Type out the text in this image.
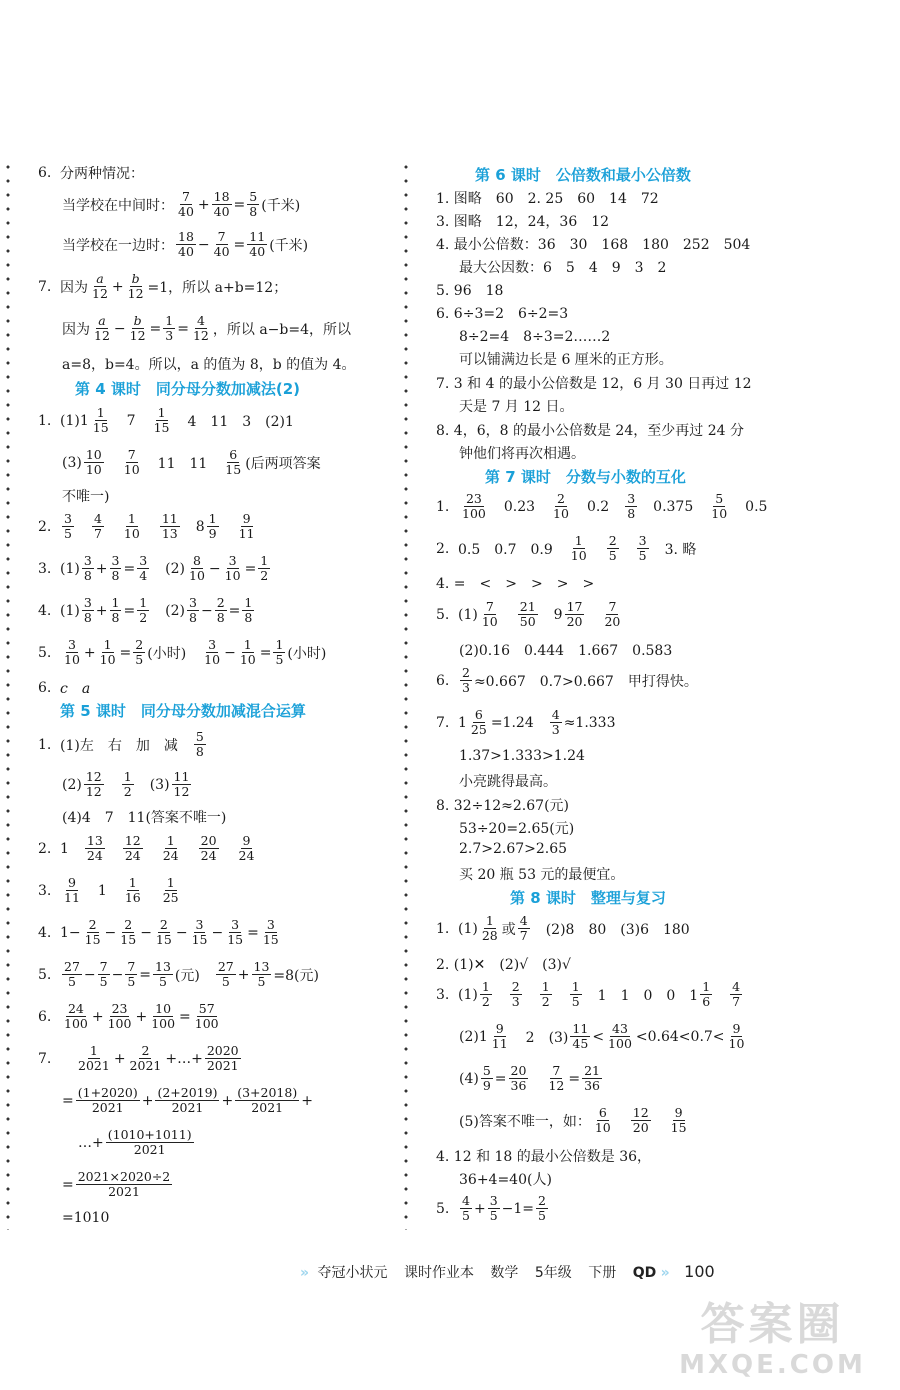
6. 分两种情况：
当学校在中间时： $\frac{7}{40} + \frac{18}{40} = \frac{5}{8}$ (千米)
当学校在一边时： $\frac{18}{40} - \frac{7}{40} = \frac{11}{40}$ (千米)
7. 因为 $\frac{a}{12} + \frac{b}{12} =1$，所以 a+b=12；
因为 $\frac{a}{12} - \frac{b}{12} = \frac{1}{3} = \frac{4}{12}$ ，所以 a−b=4，所以
a=8，b=4。所以，a 的值为 8，b 的值为 4。
第 4 课时　同分母分数加减法(2)
1. (1) $1 \frac{1}{15} 7 \frac{1}{15} 4$　11　3　(2)1
$(3) \frac{10}{10} \frac{7}{10} 11$　$11 \frac{6}{15}$ (后两项答案
不唯一)
2. $\frac{3}{5} \frac{4}{7} \frac{1}{10} \frac{11}{13} 8 \frac{1}{9} \frac{9}{11}$
3. $(1) \frac{3}{8} + \frac{3}{8} = \frac{3}{4} (2) \frac{8}{10} - \frac{3}{10} = \frac{1}{2}$
4. $(1) \frac{3}{8} + \frac{1}{8} = \frac{1}{2} (2) \frac{3}{8} - \frac{2}{8} = \frac{1}{8}$
5. $\frac{3}{10} + \frac{1}{10} = \frac{2}{5}$ (小时) $\frac{3}{10} - \frac{1}{10} = \frac{1}{5}$ (小时)
6. c　a
第 5 课时　同分母分数加减混合运算
1. (1)左　右　加　减 $\frac{5}{8}$
$(2) \frac{12}{12} \frac{1}{2} (3) \frac{11}{12}$
(4)4　7　11(答案不唯一)
2. $1 \frac{13}{24} \frac{12}{24} \frac{1}{24} \frac{20}{24} \frac{9}{24}$
3. $\frac{9}{11} 1 \frac{1}{16} \frac{1}{25}$
4. $1- \frac{2}{15} - \frac{2}{15} - \frac{2}{15} - \frac{3}{15} - \frac{3}{15} = \frac{3}{15}$
5. $\frac{27}{5} - \frac{7}{5} - \frac{7}{5} = \frac{13}{5}$ (元) $\frac{27}{5} + \frac{13}{5} =8$(元)
6. $\frac{24}{100} + \frac{23}{100} + \frac{10}{100} = \frac{57}{100}$
7.	$\frac{1}{2021} + \frac{2}{2021}$ +…+ $\frac{2020}{2021}$
= $\frac{(1+2020)}{2021} + \frac{(2+2019)}{2021} + \frac{(3+2018)}{2021}$ +
…+ $\frac{(1010+1011)}{2021}$
= $\frac{2021\times 2020\div 2}{2021}$
=1010
第 6 课时　公倍数和最小公倍数
1. 图略　60　2. 25　60　14　72
3. 图略　12，24，36　12
4. 最小公倍数：36　30　168　180　252　504
最大公因数：6　5　4　9　3　2
5. 96　18
6. 6÷3=2　6÷2=3
8÷2=4　8÷3=2……2
可以铺满边长是 6 厘米的正方形。
7. 3 和 4 的最小公倍数是 12，6 月 30 日再过 12
天是 7 月 12 日。
8. 4，6，8 的最小公倍数是 24，至少再过 24 分
钟他们将再次相遇。
第 7 课时　分数与小数的互化
1. $\frac{23}{100} 0.23 \frac{2}{10} 0.2 \frac{3}{8} 0.375 \frac{5}{10} 0.5$
2. 0.5　0.7　$0.9 \frac{1}{10} \frac{2}{5} \frac{3}{5} 3$. 略
4. =　<　>　>　>　>
5. $(1) \frac{7}{10} \frac{21}{50} 9 \frac{17}{20} \frac{7}{20}$
(2)0.16　0.444　1.667　0.583
6. $\frac{2}{3} \approx 0.667$　0.7>0.667　甲打得快。
7. $1 \frac{6}{25} =1.24 \frac{4}{3} \approx 1.333$
1.37>1.333>1.24
小亮跳得最高。
8. 32÷12≈2.67(元)
53÷20=2.65(元)
2.7>2.67>2.65
买 20 瓶 53 元的最便宜。
第 8 课时　整理与复习
1. $(1) \frac{1}{28}$ 或 $\frac{4}{7} (2)8$　80　(3)6　180
2. (1)✕　(2)√　(3)√
3. $(1) \frac{1}{2} \frac{2}{3} \frac{1}{2} \frac{1}{5} 1$　1　0　0　$1 \frac{1}{6} \frac{4}{7}$
$(2)1 \frac{9}{11} 2$　$(3) \frac{11}{45} < \frac{43}{100} <0.64<0.7< \frac{9}{10}$
$(4) \frac{5}{9} = \frac{20}{36} \frac{7}{12} = \frac{21}{36}$
(5)答案不唯一，如： $\frac{6}{10} \frac{12}{20} \frac{9}{15}$
4. 12 和 18 的最小公倍数是 36，
36+4=40(人)
5. $\frac{4}{5} + \frac{3}{5} -1= \frac{2}{5}$
» 夺冠小状元 课时作业本 数学 5年级 下册 QD » 100
答案圈
MXQE.COM
